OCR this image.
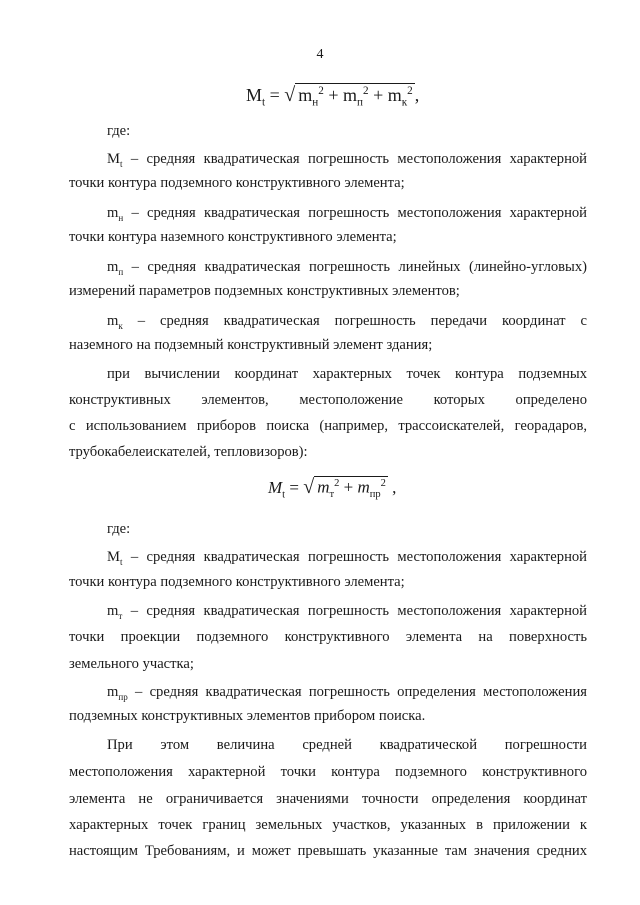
4
$M_t$ = √ $m_н^2 + m_п^2 + m_к^2$ ,
где:
$M_t$ – средняя квадратическая погрешность местоположения характерной
точки контура подземного конструктивного элемента;
$m_н$ – средняя квадратическая погрешность местоположения характерной
точки контура наземного конструктивного элемента;
$m_п$ – средняя квадратическая погрешность линейных (линейно-угловых)
измерений параметров подземных конструктивных элементов;
$m_к$ – средняя квадратическая погрешность передачи координат с
наземного на подземный конструктивный элемент здания;
при вычислении координат характерных точек контура подземных
конструктивных элементов, местоположение которых определено
с использованием приборов поиска (например, трассоискателей, георадаров,
трубокабелеискателей, тепловизоров):
$M_t$ = √ $m_т^2 + m_{пр}^2$ ,
где:
$M_t$ – средняя квадратическая погрешность местоположения характерной
точки контура подземного конструктивного элемента;
$m_т$ – средняя квадратическая погрешность местоположения характерной
точки проекции подземного конструктивного элемента на поверхность
земельного участка;
$m_{пр}$ – средняя квадратическая погрешность определения местоположения
подземных конструктивных элементов прибором поиска.
При этом величина средней квадратической погрешности
местоположения характерной точки контура подземного конструктивного
элемента не ограничивается значениями точности определения координат
характерных точек границ земельных участков, указанных в приложении к
настоящим Требованиям, и может превышать указанные там значения средних
